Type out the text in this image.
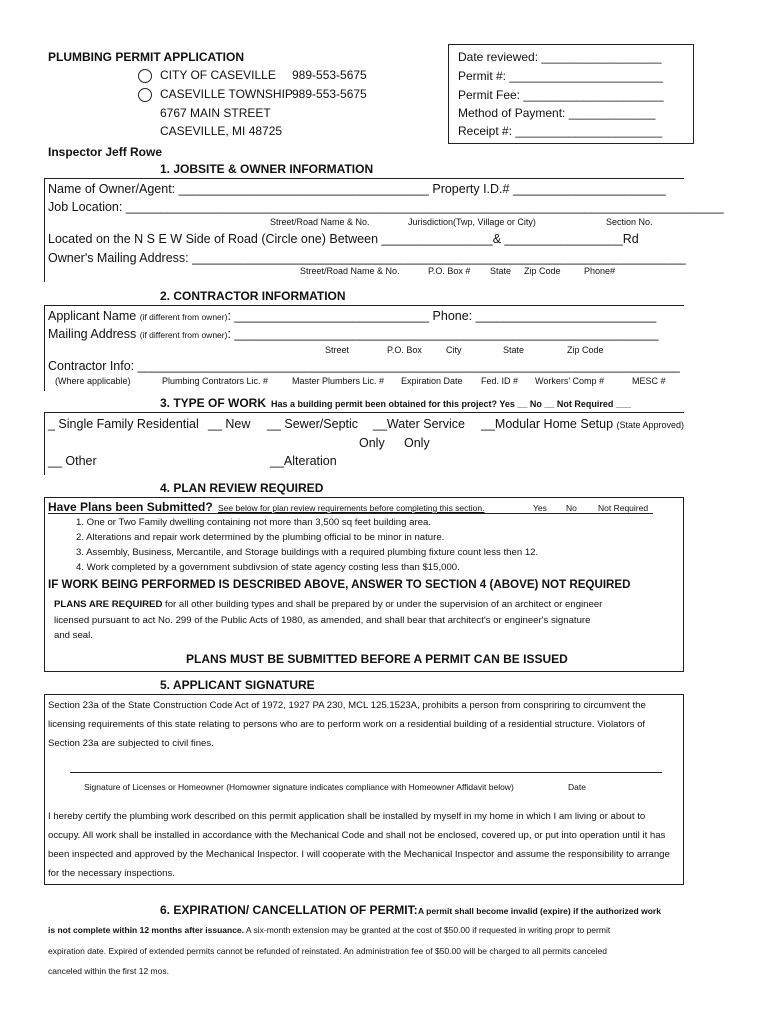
PLUMBING PERMIT APPLICATION
CITY OF CASEVILLE 989-553-5675
CASEVILLE TOWNSHIP 989-553-5675
6767 MAIN STREET
CASEVILLE, MI 48725
Inspector Jeff Rowe
Date reviewed: __________________
Permit #: _______________________
Permit Fee: _____________________
Method of Payment: _____________
Receipt #: ______________________
1. JOBSITE & OWNER INFORMATION
Name of Owner/Agent: ____________________________________ Property I.D.# ______________________
Job Location: ______________________________________________________________________________________
Street/Road Name & No.	Jurisdiction(Twp, Village or City)	Section No.
Located on the N S E W Side of Road (Circle one) Between ________________& _________________Rd
Owner's Mailing Address: _______________________________________________________________________
Street/Road Name & No.	P.O. Box # State Zip Code	Phone#
2. CONTRACTOR INFORMATION
Applicant Name (if different from owner): ____________________________ Phone: __________________________
Mailing Address (if different from owner): _____________________________________________________________
Street	P.O. Box	City	State	Zip Code
Contractor Info: ______________________________________________________________________________
(Where applicable)	Plumbing Contrators Lic. #	Master Plumbers Lic. # Expiration Date Fed. ID # Workers' Comp #	MESC #
3. TYPE OF WORK Has a building permit been obtained for this project? Yes __ No __ Not Required ___
_ Single Family Residential __ New __ Sewer/Septic
Only
__Water Service
Only
__Modular Home Setup (State Approved)
__ Other	__Alteration
4. PLAN REVIEW REQUIRED
Have Plans been Submitted? See below for plan review requirements before completing this section.	Yes No Not Required
1. One or Two Family dwelling containing not more than 3,500 sq feet building area.
2. Alterations and repair work determined by the plumbing official to be minor in nature.
3. Assembly, Business, Mercantile, and Storage buildings with a required plumbing fixture count less then 12.
4. Work completed by a government subdivsion of state agency costing less than $15,000.
IF WORK BEING PERFORMED IS DESCRIBED ABOVE, ANSWER TO SECTION 4 (ABOVE) NOT REQUIRED
PLANS ARE REQUIRED for all other building types and shall be prepared by or under the supervision of an architect or engineer
licensed pursuant to act No. 299 of the Public Acts of 1980, as amended, and shall bear that architect's or engineer's signature
and seal.
PLANS MUST BE SUBMITTED BEFORE A PERMIT CAN BE ISSUED
5. APPLICANT SIGNATURE
Section 23a of the State Construction Code Act of 1972, 1927 PA 230, MCL 125.1523A, prohibits a person from conspriring to circumvent the licensing requirements of this state relating to persons who are to perform work on a residential building of a residential structure. Violators of Section 23a are subjected to civil fines.
Signature of Licenses or Homeowner (Homowner signature indicates compliance with Homeowner Affidavit below)	Date
I hereby certify the plumbing work described on this permit application shall be installed by myself in my home in which I am living or about to occupy. All work shall be installed in accordance with the Mechanical Code and shall not be enclosed, covered up, or put into operation until it has been inspected and approved by the Mechanical Inspector. I will cooperate with the Mechanical Inspector and assume the responsibility to arrange for the necessary inspections.
6. EXPIRATION/ CANCELLATION OF PERMIT: A permit shall become invalid (expire) if the authorized work
is not complete within 12 months after issuance. A six-month extension may be granted at the cost of $50.00 if requested in writing propr to permit
expiration date. Expired of extended permits cannot be refunded of reinstated. An administration fee of $50.00 will be charged to all permits canceled
canceled within the first 12 mos.
